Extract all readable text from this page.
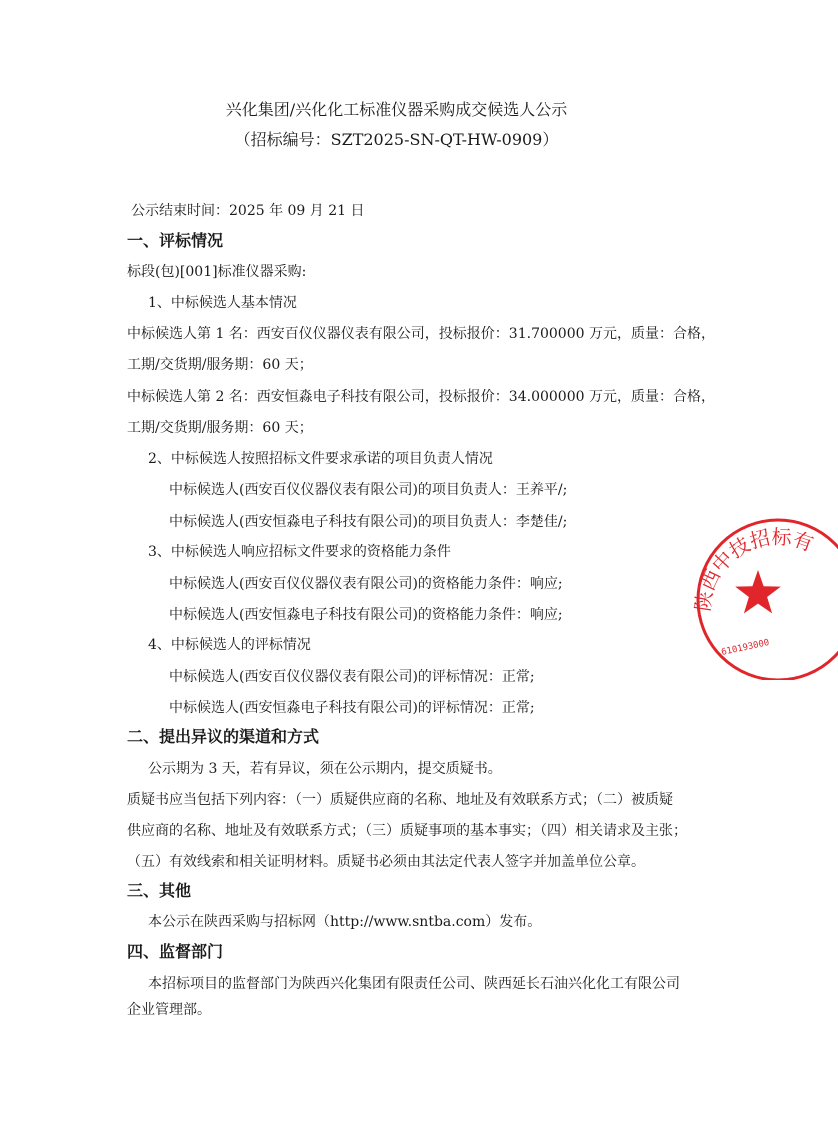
兴化集团/兴化化工标准仪器采购成交候选人公示
（招标编号：SZT2025-SN-QT-HW-0909）
公示结束时间：2025 年 09 月 21 日
一、评标情况
标段(包)[001]标准仪器采购:
1、中标候选人基本情况
中标候选人第 1 名：西安百仪仪器仪表有限公司，投标报价：31.700000 万元，质量：合格，
工期/交货期/服务期：60 天；
中标候选人第 2 名：西安恒淼电子科技有限公司，投标报价：34.000000 万元，质量：合格，
工期/交货期/服务期：60 天；
2、中标候选人按照招标文件要求承诺的项目负责人情况
中标候选人(西安百仪仪器仪表有限公司)的项目负责人：王养平/;
中标候选人(西安恒淼电子科技有限公司)的项目负责人：李楚佳/;
3、中标候选人响应招标文件要求的资格能力条件
中标候选人(西安百仪仪器仪表有限公司)的资格能力条件：响应;
中标候选人(西安恒淼电子科技有限公司)的资格能力条件：响应;
4、中标候选人的评标情况
中标候选人(西安百仪仪器仪表有限公司)的评标情况：正常;
中标候选人(西安恒淼电子科技有限公司)的评标情况：正常;
二、提出异议的渠道和方式
公示期为 3 天，若有异议，须在公示期内，提交质疑书。
质疑书应当包括下列内容：（一）质疑供应商的名称、地址及有效联系方式；（二）被质疑
供应商的名称、地址及有效联系方式；（三）质疑事项的基本事实；（四）相关请求及主张；
（五）有效线索和相关证明材料。质疑书必须由其法定代表人签字并加盖单位公章。
三、其他
本公示在陕西采购与招标网（http://www.sntba.com）发布。
四、监督部门
本招标项目的监督部门为陕西兴化集团有限责任公司、陕西延长石油兴化化工有限公司
企业管理部。
陕西中技招标有
610193000
